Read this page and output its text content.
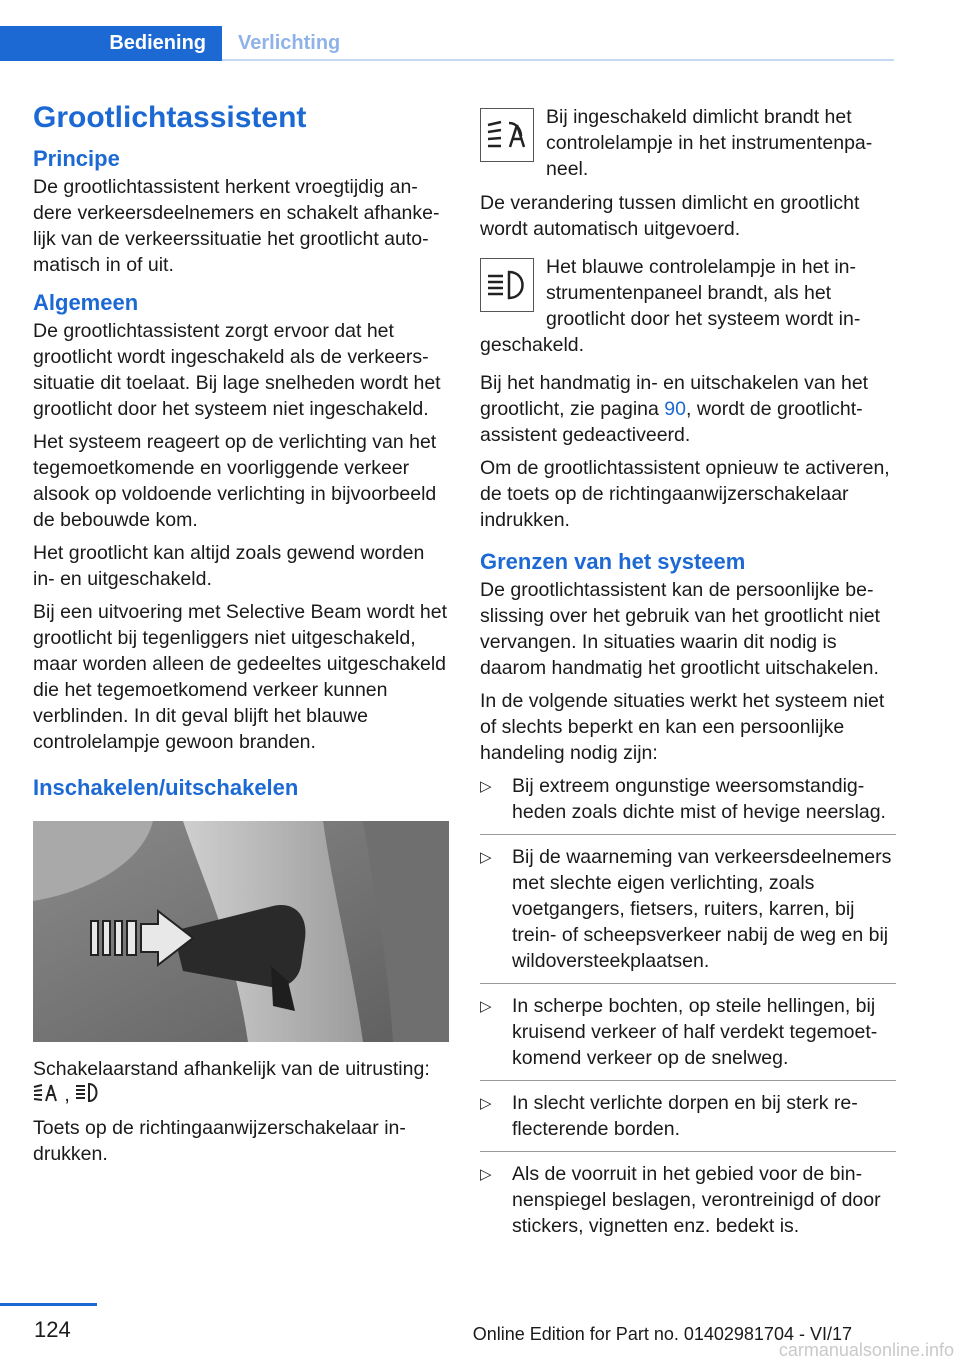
Bediening	Verlichting
Grootlichtassistent
Principe

De grootlichtassistent herkent vroegtijdig andere verkeersdeelnemers en schakelt afhankelijk van de verkeerssituatie het grootlicht automatisch in of uit.

Algemeen

De grootlichtassistent zorgt ervoor dat het grootlicht wordt ingeschakeld als de verkeerssituatie dit toelaat. Bij lage snelheden wordt het grootlicht door het systeem niet ingeschakeld.

Het systeem reageert op de verlichting van het tegemoetkomende en voorliggende verkeer alsook op voldoende verlichting in bijvoorbeeld de bebouwde kom.

Het grootlicht kan altijd zoals gewend worden in- en uitgeschakeld.

Bij een uitvoering met Selective Beam wordt het grootlicht bij tegenliggers niet uitgeschakeld, maar worden alleen de gedeeltes uitgeschakeld die het tegemoetkomend verkeer kunnen verblinden. In dit geval blijft het blauwe controlelampje gewoon branden.

Inschakelen/uitschakelen

Schakelaarstand afhankelijk van de uitrusting:
,

Toets op de richtingaanwijzerschakelaar indrukken.

Bij ingeschakeld dimlicht brandt het controlelampje in het instrumentenpaneel.

De verandering tussen dimlicht en grootlicht wordt automatisch uitgevoerd.

Het blauwe controlelampje in het instrumentenpaneel brandt, als het grootlicht door het systeem wordt ingeschakeld.

Bij het handmatig in- en uitschakelen van het grootlicht, zie pagina 90, wordt de grootlichtassistent gedeactiveerd.

Om de grootlichtassistent opnieuw te activeren, de toets op de richtingaanwijzerschakelaar indrukken.

Grenzen van het systeem

De grootlichtassistent kan de persoonlijke beslissing over het gebruik van het grootlicht niet vervangen. In situaties waarin dit nodig is daarom handmatig het grootlicht uitschakelen.

In de volgende situaties werkt het systeem niet of slechts beperkt en kan een persoonlijke handeling nodig zijn:

▷ Bij extreem ongunstige weersomstandigheden zoals dichte mist of hevige neerslag.
▷ Bij de waarneming van verkeersdeelnemers met slechte eigen verlichting, zoals voetgangers, fietsers, ruiters, karren, bij trein- of scheepsverkeer nabij de weg en bij wildoversteekplaatsen.
▷ In scherpe bochten, op steile hellingen, bij kruisend verkeer of half verdekt tegemoetkomend verkeer op de snelweg.
▷ In slecht verlichte dorpen en bij sterk reflecterende borden.
▷ Als de voorruit in het gebied voor de binnenspiegel beslagen, verontreinigd of door stickers, vignetten enz. bedekt is.
124	Online Edition for Part no. 01402981704 - VI/17
carmanualsonline.info
